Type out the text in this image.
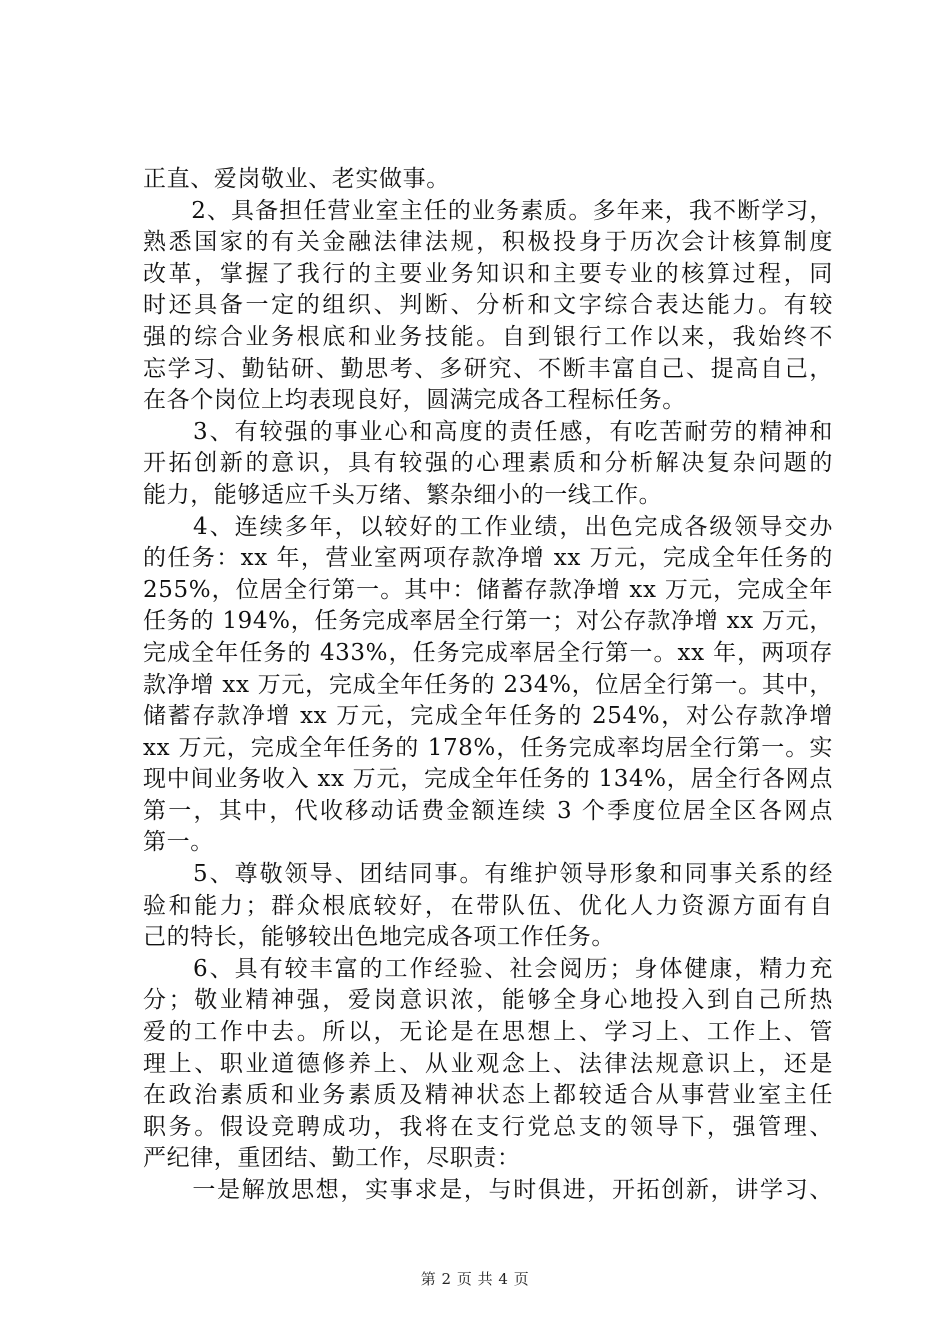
正直、爱岗敬业、老实做事。
　　2、具备担任营业室主任的业务素质。多年来，我不断学习，
熟悉国家的有关金融法律法规，积极投身于历次会计核算制度
改革，掌握了我行的主要业务知识和主要专业的核算过程，同
时还具备一定的组织、判断、分析和文字综合表达能力。有较
强的综合业务根底和业务技能。自到银行工作以来，我始终不
忘学习、勤钻研、勤思考、多研究、不断丰富自己、提高自己，
在各个岗位上均表现良好，圆满完成各工程标任务。
　　3、有较强的事业心和高度的责任感，有吃苦耐劳的精神和
开拓创新的意识，具有较强的心理素质和分析解决复杂问题的
能力，能够适应千头万绪、繁杂细小的一线工作。
　　4、连续多年，以较好的工作业绩，出色完成各级领导交办
的任务：xx 年，营业室两项存款净增 xx 万元，完成全年任务的
255%，位居全行第一。其中：储蓄存款净增 xx 万元，完成全年
任务的 194%，任务完成率居全行第一；对公存款净增 xx 万元，
完成全年任务的 433%，任务完成率居全行第一。xx 年，两项存
款净增 xx 万元，完成全年任务的 234%，位居全行第一。其中，
储蓄存款净增 xx 万元，完成全年任务的 254%，对公存款净增
xx 万元，完成全年任务的 178%，任务完成率均居全行第一。实
现中间业务收入 xx 万元，完成全年任务的 134%，居全行各网点
第一，其中，代收移动话费金额连续 3 个季度位居全区各网点
第一。
　　5、尊敬领导、团结同事。有维护领导形象和同事关系的经
验和能力；群众根底较好，在带队伍、优化人力资源方面有自
己的特长，能够较出色地完成各项工作任务。
　　6、具有较丰富的工作经验、社会阅历；身体健康，精力充
分；敬业精神强，爱岗意识浓，能够全身心地投入到自己所热
爱的工作中去。所以，无论是在思想上、学习上、工作上、管
理上、职业道德修养上、从业观念上、法律法规意识上，还是
在政治素质和业务素质及精神状态上都较适合从事营业室主任
职务。假设竞聘成功，我将在支行党总支的领导下，强管理、
严纪律，重团结、勤工作，尽职责：
　　一是解放思想，实事求是，与时俱进，开拓创新，讲学习、
第 2 页 共 4 页
